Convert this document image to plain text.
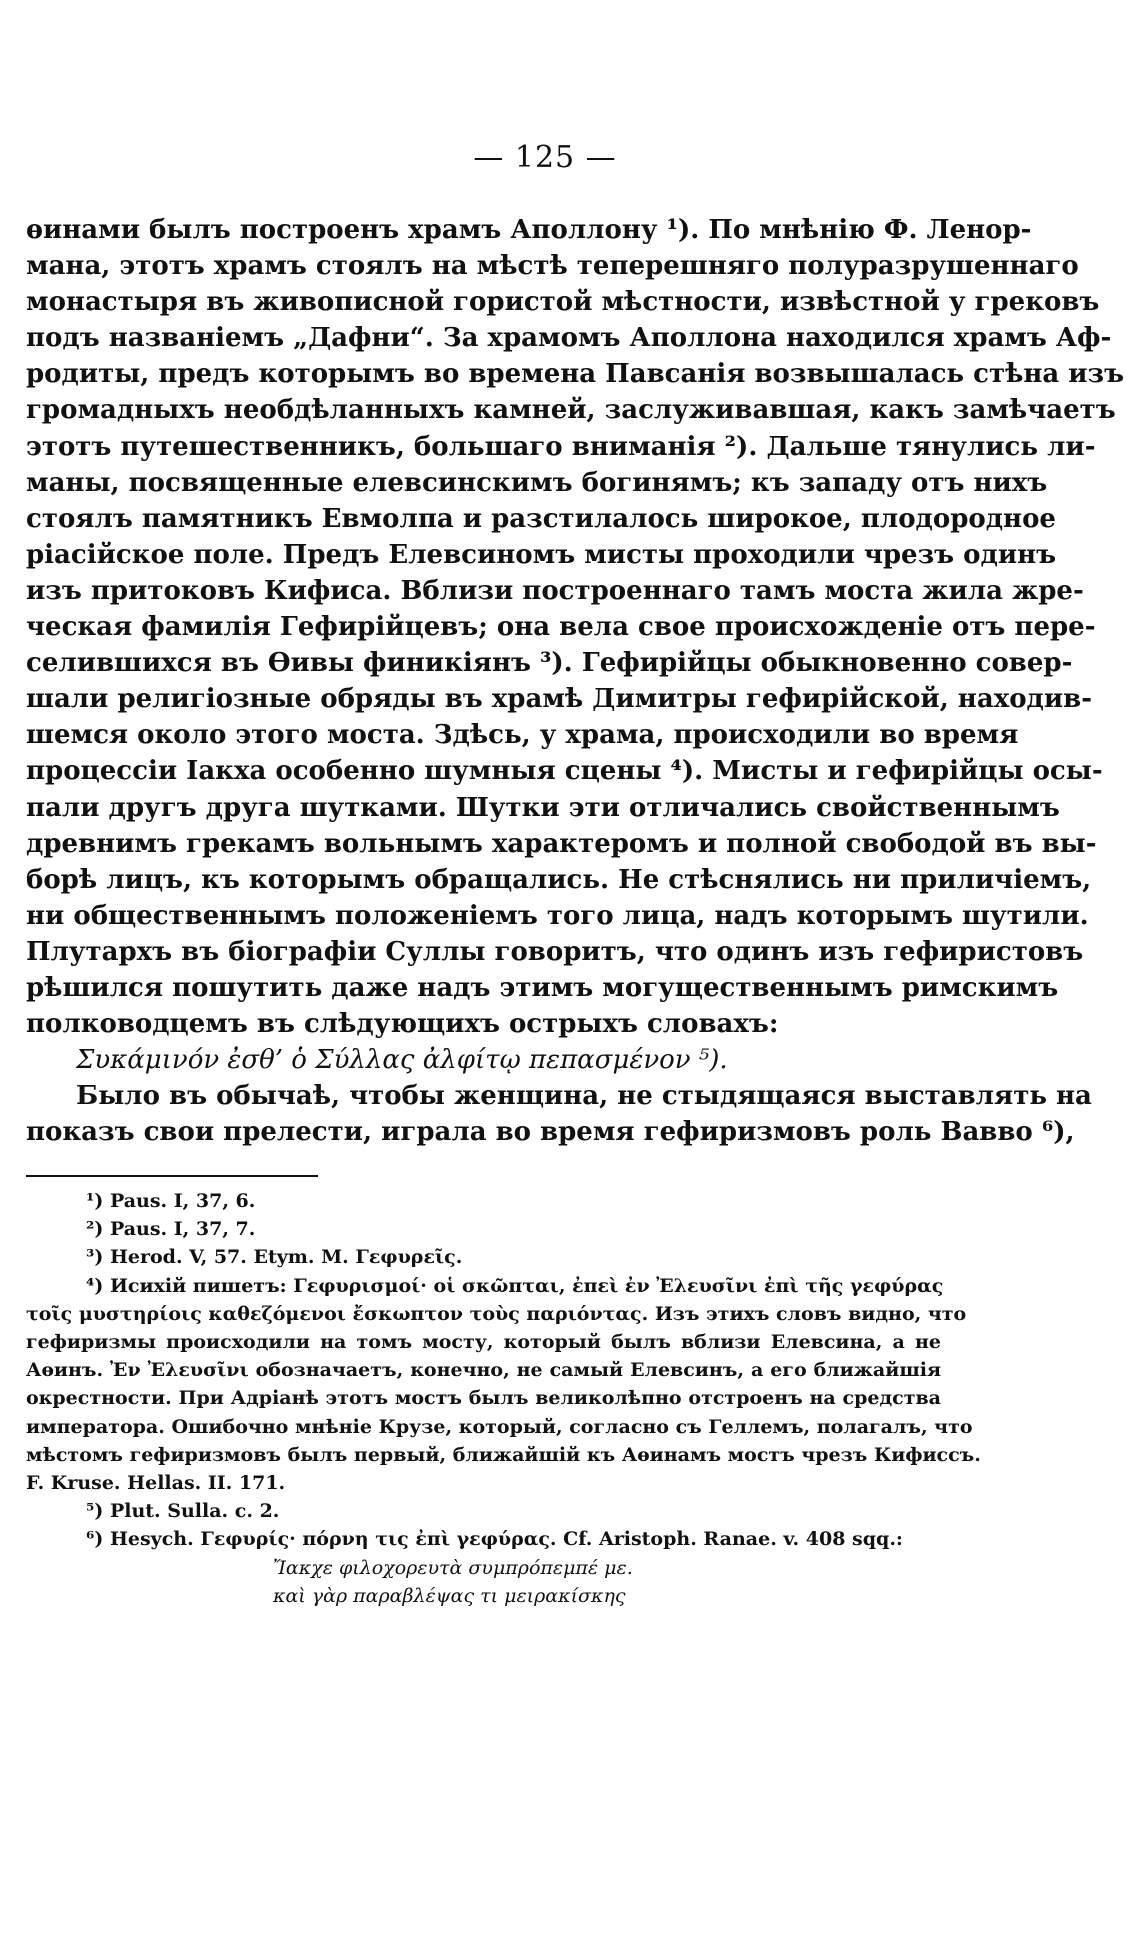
— 125 —
ѳинами былъ построенъ храмъ Аполлону ¹). По мнѣнію Ф. Ленор-
мана, этотъ храмъ стоялъ на мѣстѣ теперешняго полуразрушеннаго
монастыря въ живописной гористой мѣстности, извѣстной у грековъ
подъ названіемъ „Дафни“. За храмомъ Аполлона находился храмъ Аф-
родиты, предъ которымъ во времена Павсанія возвышалась стѣна изъ
громадныхъ необдѣланныхъ камней, заслуживавшая, какъ замѣчаетъ
этотъ путешественникъ, большаго вниманія ²). Дальше тянулись ли-
маны, посвященные елевсинскимъ богинямъ; къ западу отъ нихъ
стоялъ памятникъ Евмолпа и разстилалось широкое, плодородное
ріасійское поле. Предъ Елевсиномъ мисты проходили чрезъ одинъ
изъ притоковъ Кифиса. Вблизи построеннаго тамъ моста жила жре-
ческая фамилія Гефирійцевъ; она вела свое происхожденіе отъ пере-
селившихся въ Ѳивы финикіянъ ³). Гефирійцы обыкновенно совер-
шали религіозные обряды въ храмѣ Димитры гефирійской, находив-
шемся около этого моста. Здѣсь, у храма, происходили во время
процессіи Іакха особенно шумныя сцены ⁴). Мисты и гефирійцы осы-
пали другъ друга шутками. Шутки эти отличались свойственнымъ
древнимъ грекамъ вольнымъ характеромъ и полной свободой въ вы-
борѣ лицъ, къ которымъ обращались. Не стѣснялись ни приличіемъ,
ни общественнымъ положеніемъ того лица, надъ которымъ шутили.
Плутархъ въ біографіи Суллы говоритъ, что одинъ изъ гефиристовъ
рѣшился пошутить даже надъ этимъ могущественнымъ римскимъ
полководцемъ въ слѣдующихъ острыхъ словахъ:
Συκάμινόν ἐσθ’ ὁ Σύλλας ἀλφίτῳ πεπασμένον ⁵).
Было въ обычаѣ, чтобы женщина, не стыдящаяся выставлять на
показъ свои прелести, играла во время гефиризмовъ роль Вавво ⁶),
¹) Paus. I, 37, 6.
²) Paus. I, 37, 7.
³) Herod. V, 57. Etym. M. Γεφυρεῖς.
⁴) Исихій пишетъ: Γεφυρισμοί· οἱ σκῶπται, ἐπεὶ ἐν Ἐλευσῖνι ἐπὶ τῆς γεφύρας
τοῖς μυστηρίοις καθεζόμενοι ἔσκωπτον τοὺς παριόντας. Изъ этихъ словъ видно, что
гефиризмы происходили на томъ мосту, который былъ вблизи Елевсина, а не
Аѳинъ. Ἐν Ἐλευσῖνι обозначаетъ, конечно, не самый Елевсинъ, а его ближайшія
окрестности. При Адріанѣ этотъ мостъ былъ великолѣпно отстроенъ на средства
императора. Ошибочно мнѣніе Крузе, который, согласно съ Геллемъ, полагалъ, что
мѣстомъ гефиризмовъ былъ первый, ближайшій къ Аѳинамъ мостъ чрезъ Кифиссъ.
F. Kruse. Hellas. II. 171.
⁵) Plut. Sulla. c. 2.
⁶) Hesych. Γεφυρίς· πόρνη τις ἐπὶ γεφύρας. Cf. Aristoph. Ranae. v. 408 sqq.:
Ἴακχε φιλοχορευτὰ συμπρόπεμπέ με.
καὶ γὰρ παραβλέψας τι μειρακίσκης
